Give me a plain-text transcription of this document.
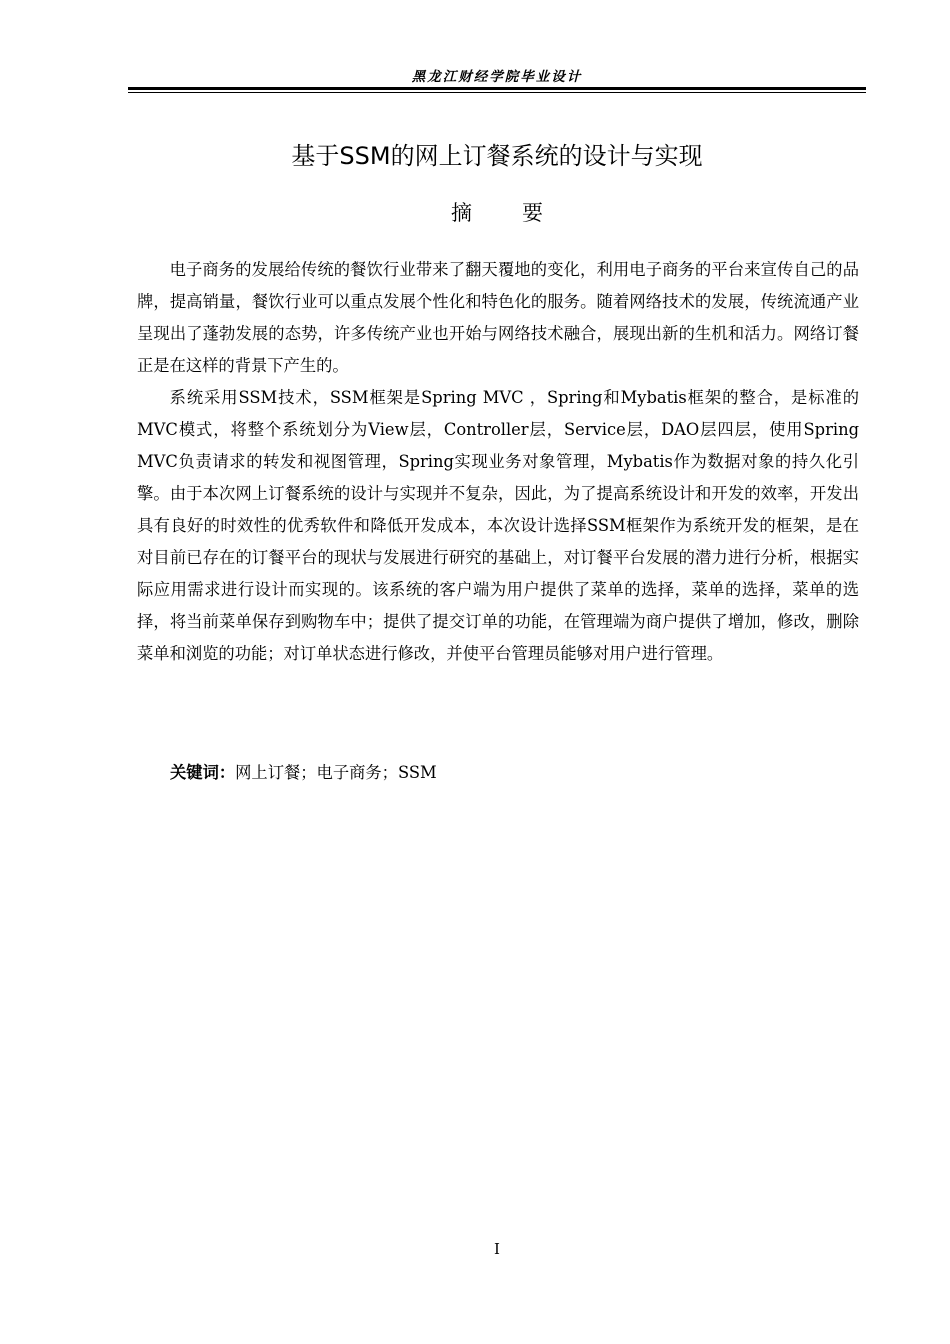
黑龙江财经学院毕业设计
基于SSM的网上订餐系统的设计与实现
摘 要

电子商务的发展给传统的餐饮行业带来了翻天覆地的变化，利用电子商务的平台来宣传自己的品牌，提高销量，餐饮行业可以重点发展个性化和特色化的服务。随着网络技术的发展，传统流通产业呈现出了蓬勃发展的态势，许多传统产业也开始与网络技术融合，展现出新的生机和活力。网络订餐正是在这样的背景下产生的。

系统采用SSM技术，SSM框架是Spring MVC ，Spring和Mybatis框架的整合，是标准的MVC模式，将整个系统划分为View层，Controller层，Service层，DAO层四层，使用Spring MVC负责请求的转发和视图管理，Spring实现业务对象管理，Mybatis作为数据对象的持久化引擎。由于本次网上订餐系统的设计与实现并不复杂，因此，为了提高系统设计和开发的效率，开发出具有良好的时效性的优秀软件和降低开发成本，本次设计选择SSM框架作为系统开发的框架，是在对目前已存在的订餐平台的现状与发展进行研究的基础上，对订餐平台发展的潜力进行分析，根据实际应用需求进行设计而实现的。该系统的客户端为用户提供了菜单的选择，菜单的选择，菜单的选择，将当前菜单保存到购物车中；提供了提交订单的功能，在管理端为商户提供了增加，修改，删除菜单和浏览的功能；对订单状态进行修改，并使平台管理员能够对用户进行管理。

关键词：网上订餐；电子商务；SSM
I
